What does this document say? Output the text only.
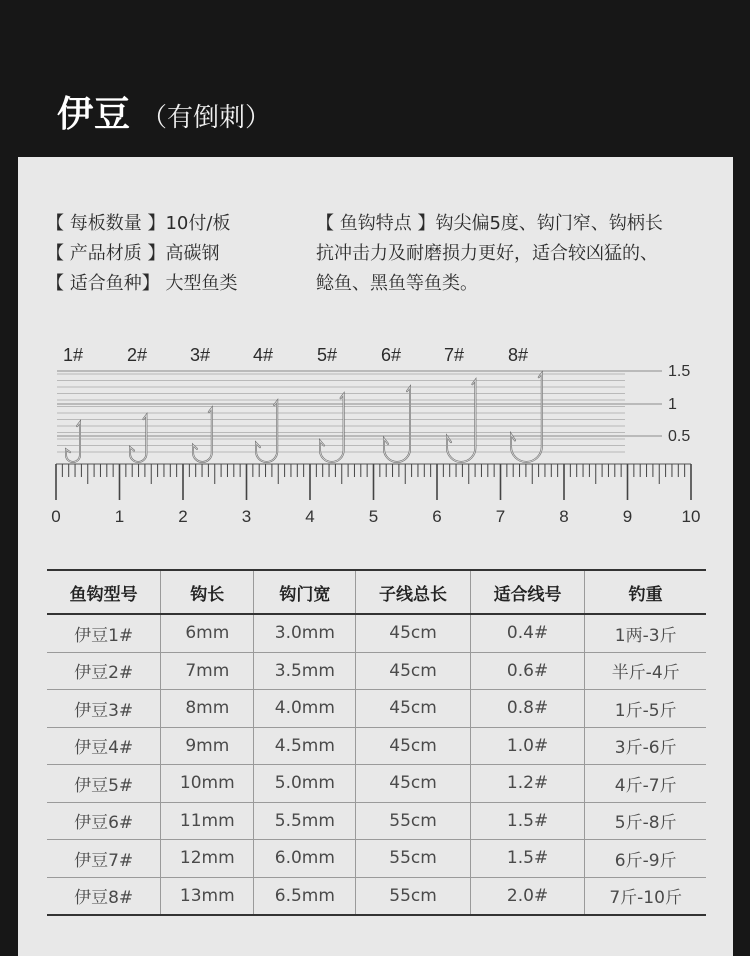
伊豆 （有倒刺）
【 每板数量 】10付/板
【 产品材质 】高碳钢
【 适合鱼种】 大型鱼类
【 鱼钩特点 】钩尖偏5度、钩门窄、钩柄长
抗冲击力及耐磨损力更好，适合较凶猛的、
鲶鱼、黑鱼等鱼类。
1.5
1
0.5
0	1	2	3	4	5	6	7	8	9	10
1# 2# 3# 4# 5# 6# 7# 8#
鱼钩型号	钩长	钩门宽	子线总长	适合线号	钓重
伊豆1#	6mm	3.0mm	45cm	0.4#	1两-3斤
伊豆2#	7mm	3.5mm	45cm	0.6#	半斤-4斤
伊豆3#	8mm	4.0mm	45cm	0.8#	1斤-5斤
伊豆4#	9mm	4.5mm	45cm	1.0#	3斤-6斤
伊豆5#	10mm	5.0mm	45cm	1.2#	4斤-7斤
伊豆6#	11mm	5.5mm	55cm	1.5#	5斤-8斤
伊豆7#	12mm	6.0mm	55cm	1.5#	6斤-9斤
伊豆8#	13mm	6.5mm	55cm	2.0#	7斤-10斤
